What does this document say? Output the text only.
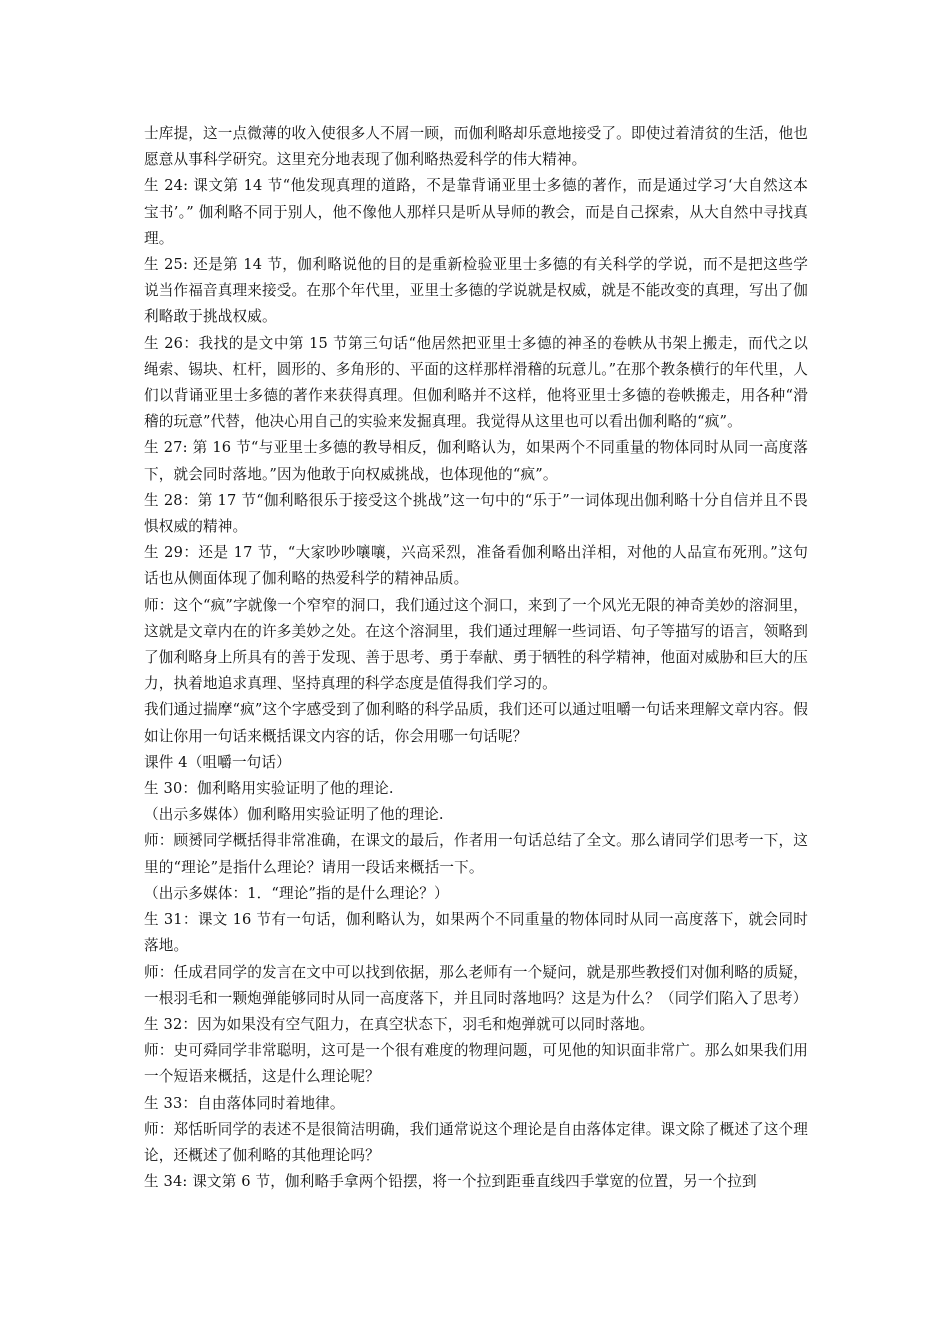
士库提，这一点微薄的收入使很多人不屑一顾，而伽利略却乐意地接受了。即使过着清贫的生活，他也愿意从事科学研究。这里充分地表现了伽利略热爱科学的伟大精神。

生 24: 课文第 14 节“他发现真理的道路，不是靠背诵亚里士多德的著作，而是通过学习‘大自然这本宝书’。” 伽利略不同于别人，他不像他人那样只是听从导师的教会，而是自己探索，从大自然中寻找真理。

生 25: 还是第 14 节，伽利略说他的目的是重新检验亚里士多德的有关科学的学说，而不是把这些学说当作福音真理来接受。在那个年代里，亚里士多德的学说就是权威，就是不能改变的真理，写出了伽利略敢于挑战权威。

生 26：我找的是文中第 15 节第三句话“他居然把亚里士多德的神圣的卷帙从书架上搬走，而代之以绳索、锡块、杠杆，圆形的、多角形的、平面的这样那样滑稽的玩意儿。”在那个教条横行的年代里，人们以背诵亚里士多德的著作来获得真理。但伽利略并不这样，他将亚里士多德的卷帙搬走，用各种“滑稽的玩意”代替，他决心用自己的实验来发掘真理。我觉得从这里也可以看出伽利略的“疯”。

生 27: 第 16 节“与亚里士多德的教导相反，伽利略认为，如果两个不同重量的物体同时从同一高度落下，就会同时落地。”因为他敢于向权威挑战，也体现他的“疯”。

生 28：第 17 节“伽利略很乐于接受这个挑战”这一句中的“乐于”一词体现出伽利略十分自信并且不畏惧权威的精神。

生 29：还是 17 节，“大家吵吵嚷嚷，兴高采烈，准备看伽利略出洋相，对他的人品宣布死刑。”这句话也从侧面体现了伽利略的热爱科学的精神品质。

师：这个“疯”字就像一个窄窄的洞口，我们通过这个洞口，来到了一个风光无限的神奇美妙的溶洞里，这就是文章内在的许多美妙之处。在这个溶洞里，我们通过理解一些词语、句子等描写的语言，领略到了伽利略身上所具有的善于发现、善于思考、勇于奉献、勇于牺牲的科学精神，他面对威胁和巨大的压力，执着地追求真理、坚持真理的科学态度是值得我们学习的。

我们通过揣摩“疯”这个字感受到了伽利略的科学品质，我们还可以通过咀嚼一句话来理解文章内容。假如让你用一句话来概括课文内容的话，你会用哪一句话呢？

课件 4（咀嚼一句话）

生 30：伽利略用实验证明了他的理论.

（出示多媒体）伽利略用实验证明了他的理论.

师：顾赟同学概括得非常准确，在课文的最后，作者用一句话总结了全文。那么请同学们思考一下，这里的“理论”是指什么理论？请用一段话来概括一下。

（出示多媒体：1．“理论”指的是什么理论？）

生 31：课文 16 节有一句话，伽利略认为，如果两个不同重量的物体同时从同一高度落下，就会同时落地。

师：任成君同学的发言在文中可以找到依据，那么老师有一个疑问，就是那些教授们对伽利略的质疑，一根羽毛和一颗炮弹能够同时从同一高度落下，并且同时落地吗？这是为什么？（同学们陷入了思考）

生 32：因为如果没有空气阻力，在真空状态下，羽毛和炮弹就可以同时落地。

师：史可舜同学非常聪明，这可是一个很有难度的物理问题，可见他的知识面非常广。那么如果我们用一个短语来概括，这是什么理论呢？

生 33：自由落体同时着地律。

师：郑恬昕同学的表述不是很简洁明确，我们通常说这个理论是自由落体定律。课文除了概述了这个理论，还概述了伽利略的其他理论吗？

生 34: 课文第 6 节，伽利略手拿两个铅摆，将一个拉到距垂直线四手掌宽的位置，另一个拉到
